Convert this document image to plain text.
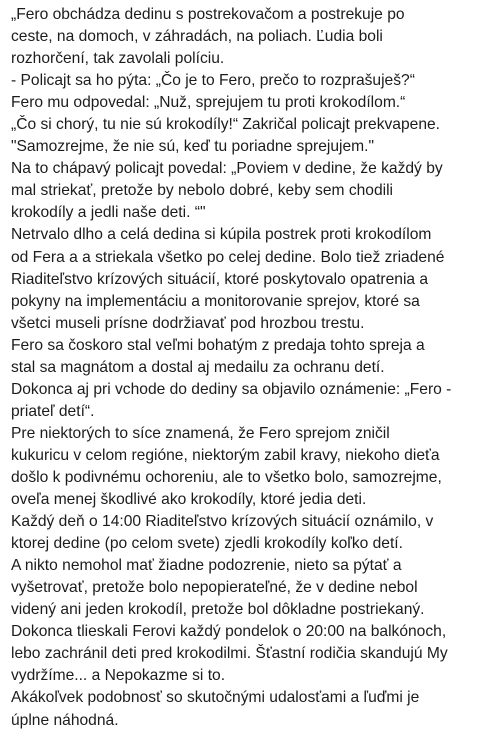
„Fero obchádza dedinu s postrekovačom a postrekuje po
ceste, na domoch, v záhradách, na poliach. Ľudia boli
rozhorčení, tak zavolali políciu.
- Policajt sa ho pýta: „Čo je to Fero, prečo to rozprašuješ?“
Fero mu odpovedal: „Nuž, sprejujem tu proti krokodílom.“
„Čo si chorý, tu nie sú krokodíly!“ Zakričal policajt prekvapene.
"Samozrejme, že nie sú, keď tu poriadne sprejujem."
Na to chápavý policajt povedal: „Poviem v dedine, že každý by
mal striekať, pretože by nebolo dobré, keby sem chodili
krokodíly a jedli naše deti. “"
Netrvalo dlho a celá dedina si kúpila postrek proti krokodílom
od Fera a a striekala všetko po celej dedine. Bolo tiež zriadené
Riaditeľstvo krízových situácií, ktoré poskytovalo opatrenia a
pokyny na implementáciu a monitorovanie sprejov, ktoré sa
všetci museli prísne dodržiavať pod hrozbou trestu.
Fero sa čoskoro stal veľmi bohatým z predaja tohto spreja a
stal sa magnátom a dostal aj medailu za ochranu detí.
Dokonca aj pri vchode do dediny sa objavilo oznámenie: „Fero -
priateľ detí“.
Pre niektorých to síce znamená, že Fero sprejom zničil
kukuricu v celom regióne, niektorým zabil kravy, niekoho dieťa
došlo k podivnému ochoreniu, ale to všetko bolo, samozrejme,
oveľa menej škodlivé ako krokodíly, ktoré jedia deti.
Každý deň o 14:00 Riaditeľstvo krízových situácií oznámilo, v
ktorej dedine (po celom svete) zjedli krokodíly koľko detí.
A nikto nemohol mať žiadne podozrenie, nieto sa pýtať a
vyšetrovať, pretože bolo nepopierateľné, že v dedine nebol
videný ani jeden krokodíl, pretože bol dôkladne postriekaný.
Dokonca tlieskali Ferovi každý pondelok o 20:00 na balkónoch,
lebo zachránil deti pred krokodilmi. Šťastní rodičia skandujú My
vydržíme... a Nepokazme si to.
Akákoľvek podobnosť so skutočnými udalosťami a ľuďmi je
úplne náhodná.
